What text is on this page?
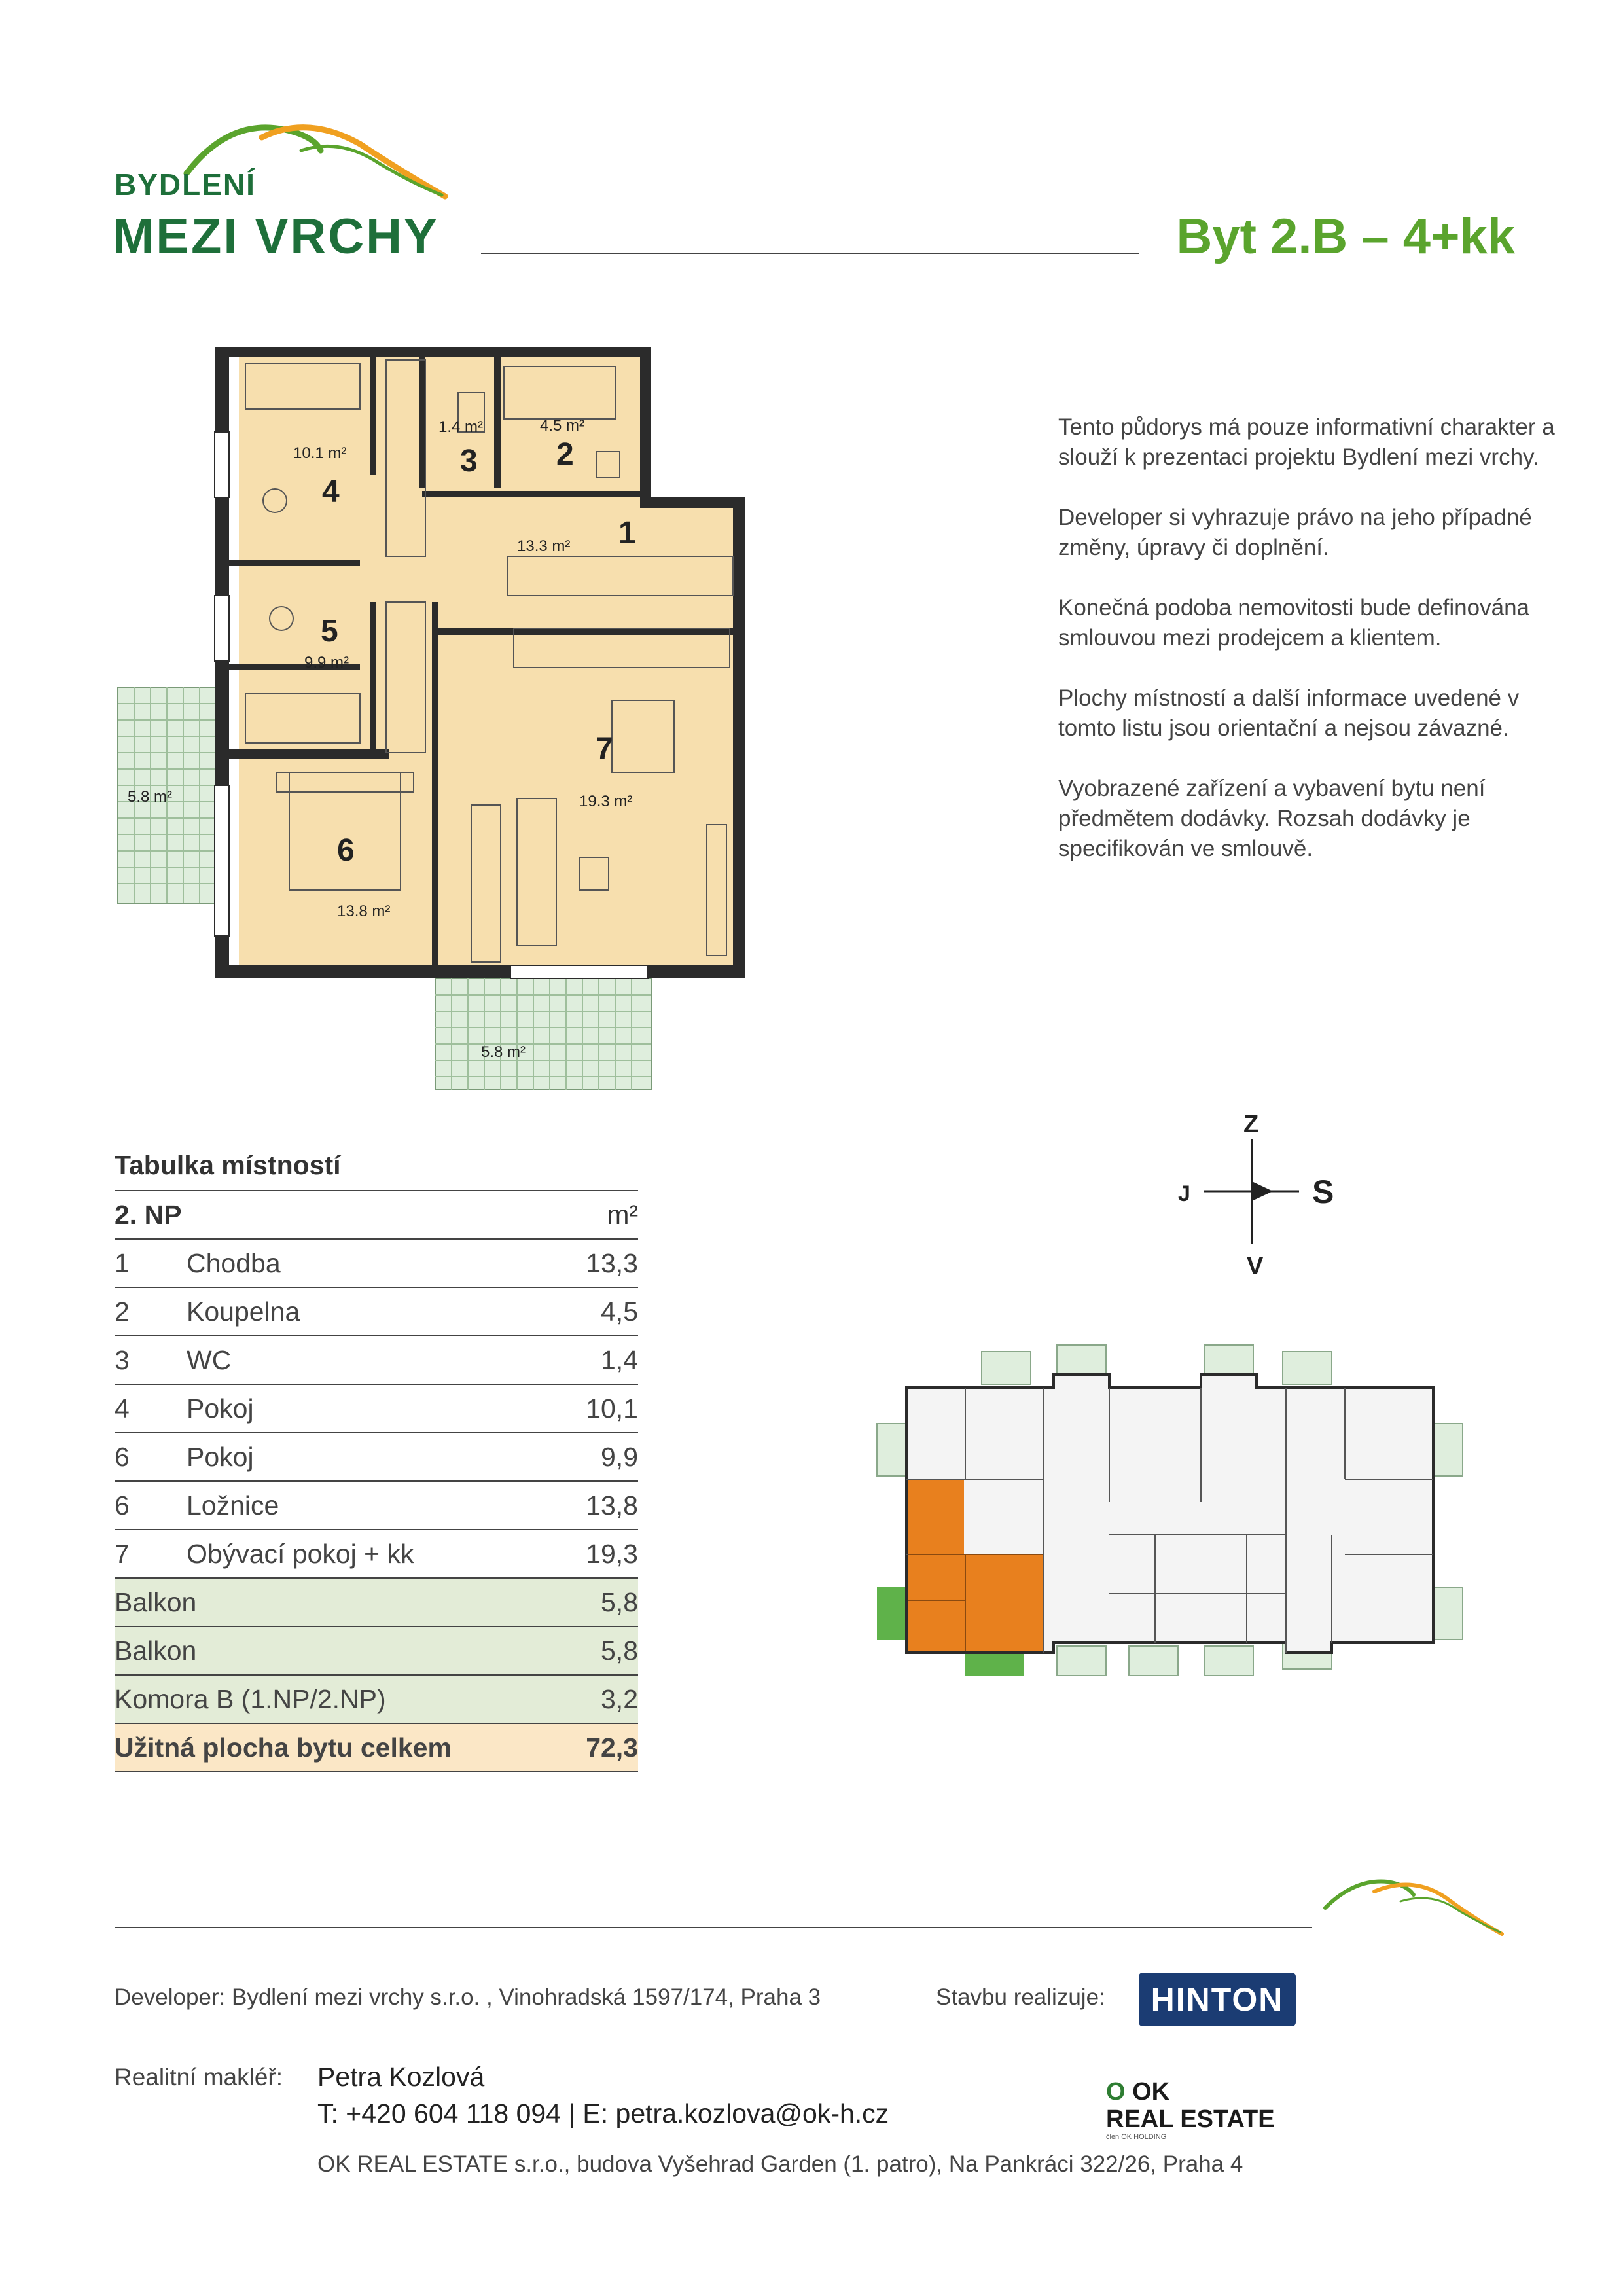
BYDLENÍ
MEZI VRCHY	Byt 2.B – 4+kk
5.8 m²
5.8 m²
1
13.3 m²
2
4.5 m²
3
1.4 m²
4
10.1 m²
5
9.9 m²
6
13.8 m²
7
19.3 m²

Tento půdorys má pouze informativní charakter a slouží k prezentaci projektu Bydlení mezi vrchy.

Developer si vyhrazuje právo na jeho případné změny, úpravy či doplnění.

Konečná podoba nemovitosti bude definována smlouvou mezi prodejcem a klientem.

Plochy místností a další informace uvedené v tomto listu jsou orientační a nejsou závazné.

Vyobrazené zařízení a vybavení bytu není předmětem dodávky. Rozsah dodávky je specifikován ve smlouvě.

Z
V
J	S
Tabulka místností
2. NP		m²
1	Chodba	13,3
2	Koupelna	4,5
3	WC	1,4
4	Pokoj	10,1
6	Pokoj	9,9
6	Ložnice	13,8
7	Obývací pokoj + kk	19,3
Balkon		5,8
Balkon		5,8
Komora B (1.NP/2.NP)		3,2
Užitná plocha bytu celkem		72,3
Developer: Bydlení mezi vrchy s.r.o. , Vinohradská 1597/174, Praha 3	Stavbu realizuje:	HINTON
Realitní makléř: Petra Kozlová
T: +420 604 118 094 | E: petra.kozlova@ok-h.cz
O OK
REAL ESTATE
člen OK HOLDING
OK REAL ESTATE s.r.o., budova Vyšehrad Garden (1. patro), Na Pankráci 322/26, Praha 4
